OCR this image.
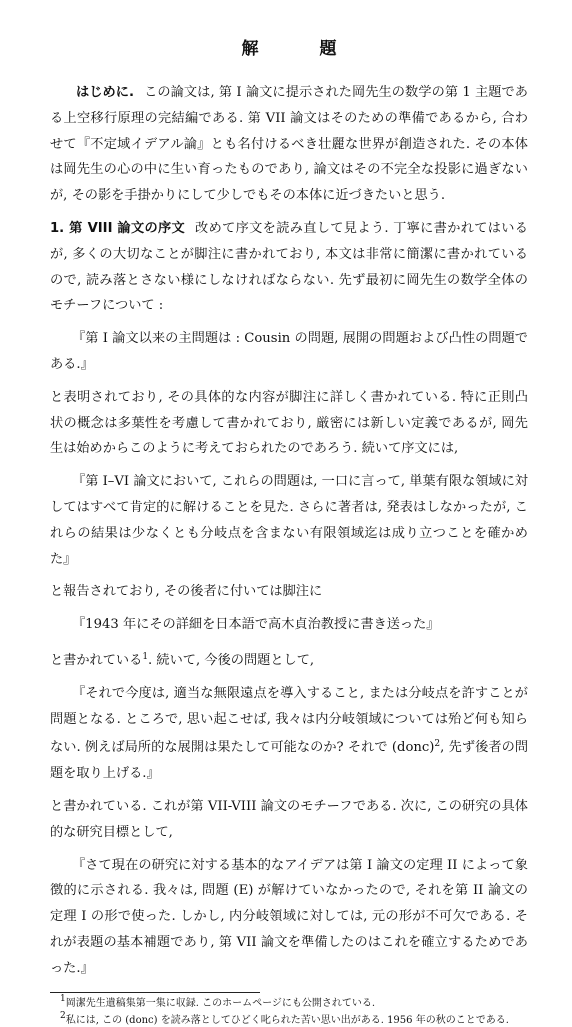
解　題

はじめに. この論文は, 第 I 論文に提示された岡先生の数学の第 1 主題である上空移行原理の完結編である. 第 VII 論文はそのための準備であるから, 合わせて『不定域イデアル論』とも名付けるべき壮麗な世界が創造された. その本体は岡先生の心の中に生い育ったものであり, 論文はその不完全な投影に過ぎないが, その影を手掛かりにして少しでもその本体に近づきたいと思う.

1. 第 VIII 論文の序文 改めて序文を読み直して見よう. 丁寧に書かれてはいるが, 多くの大切なことが脚注に書かれており, 本文は非常に簡潔に書かれているので, 読み落とさない様にしなければならない. 先ず最初に岡先生の数学全体のモチーフについて :

『第 I 論文以来の主問題は : Cousin の問題, 展開の問題および凸性の問題である.』

と表明されており, その具体的な内容が脚注に詳しく書かれている. 特に正則凸状の概念は多葉性を考慮して書かれており, 厳密には新しい定義であるが, 岡先生は始めからこのように考えておられたのであろう. 続いて序文には,

『第 I–VI 論文において, これらの問題は, 一口に言って, 単葉有限な領域に対してはすべて肯定的に解けることを見た. さらに著者は, 発表はしなかったが, これらの結果は少なくとも分岐点を含まない有限領域迄は成り立つことを確かめた』

と報告されており, その後者に付いては脚注に

『1943 年にその詳細を日本語で高木貞治教授に書き送った』

と書かれている$^1$. 続いて, 今後の問題として,

『それで今度は, 適当な無限遠点を導入すること, または分岐点を許すことが問題となる. ところで, 思い起こせば, 我々は内分岐領域については殆ど何も知らない. 例えば局所的な展開は果たして可能なのか? それで (donc)$^2$, 先ず後者の問題を取り上げる.』

と書かれている. これが第 VII-VIII 論文のモチーフである. 次に, この研究の具体的な研究目標として,

『さて現在の研究に対する基本的なアイデアは第 I 論文の定理 II によって象徴的に示される. 我々は, 問題 (E) が解けていなかったので, それを第 II 論文の定理 I の形で使った. しかし, 内分岐領域に対しては, 元の形が不可欠である. それが表題の基本補題であり, 第 VII 論文を準備したのはこれを確立するためであった.』

$^1$岡潔先生遺稿集第一集に収録. このホームページにも公開されている.

$^2$私には, この (donc) を読み落としてひどく叱られた苦い思い出がある. 1956 年の秋のことである.
